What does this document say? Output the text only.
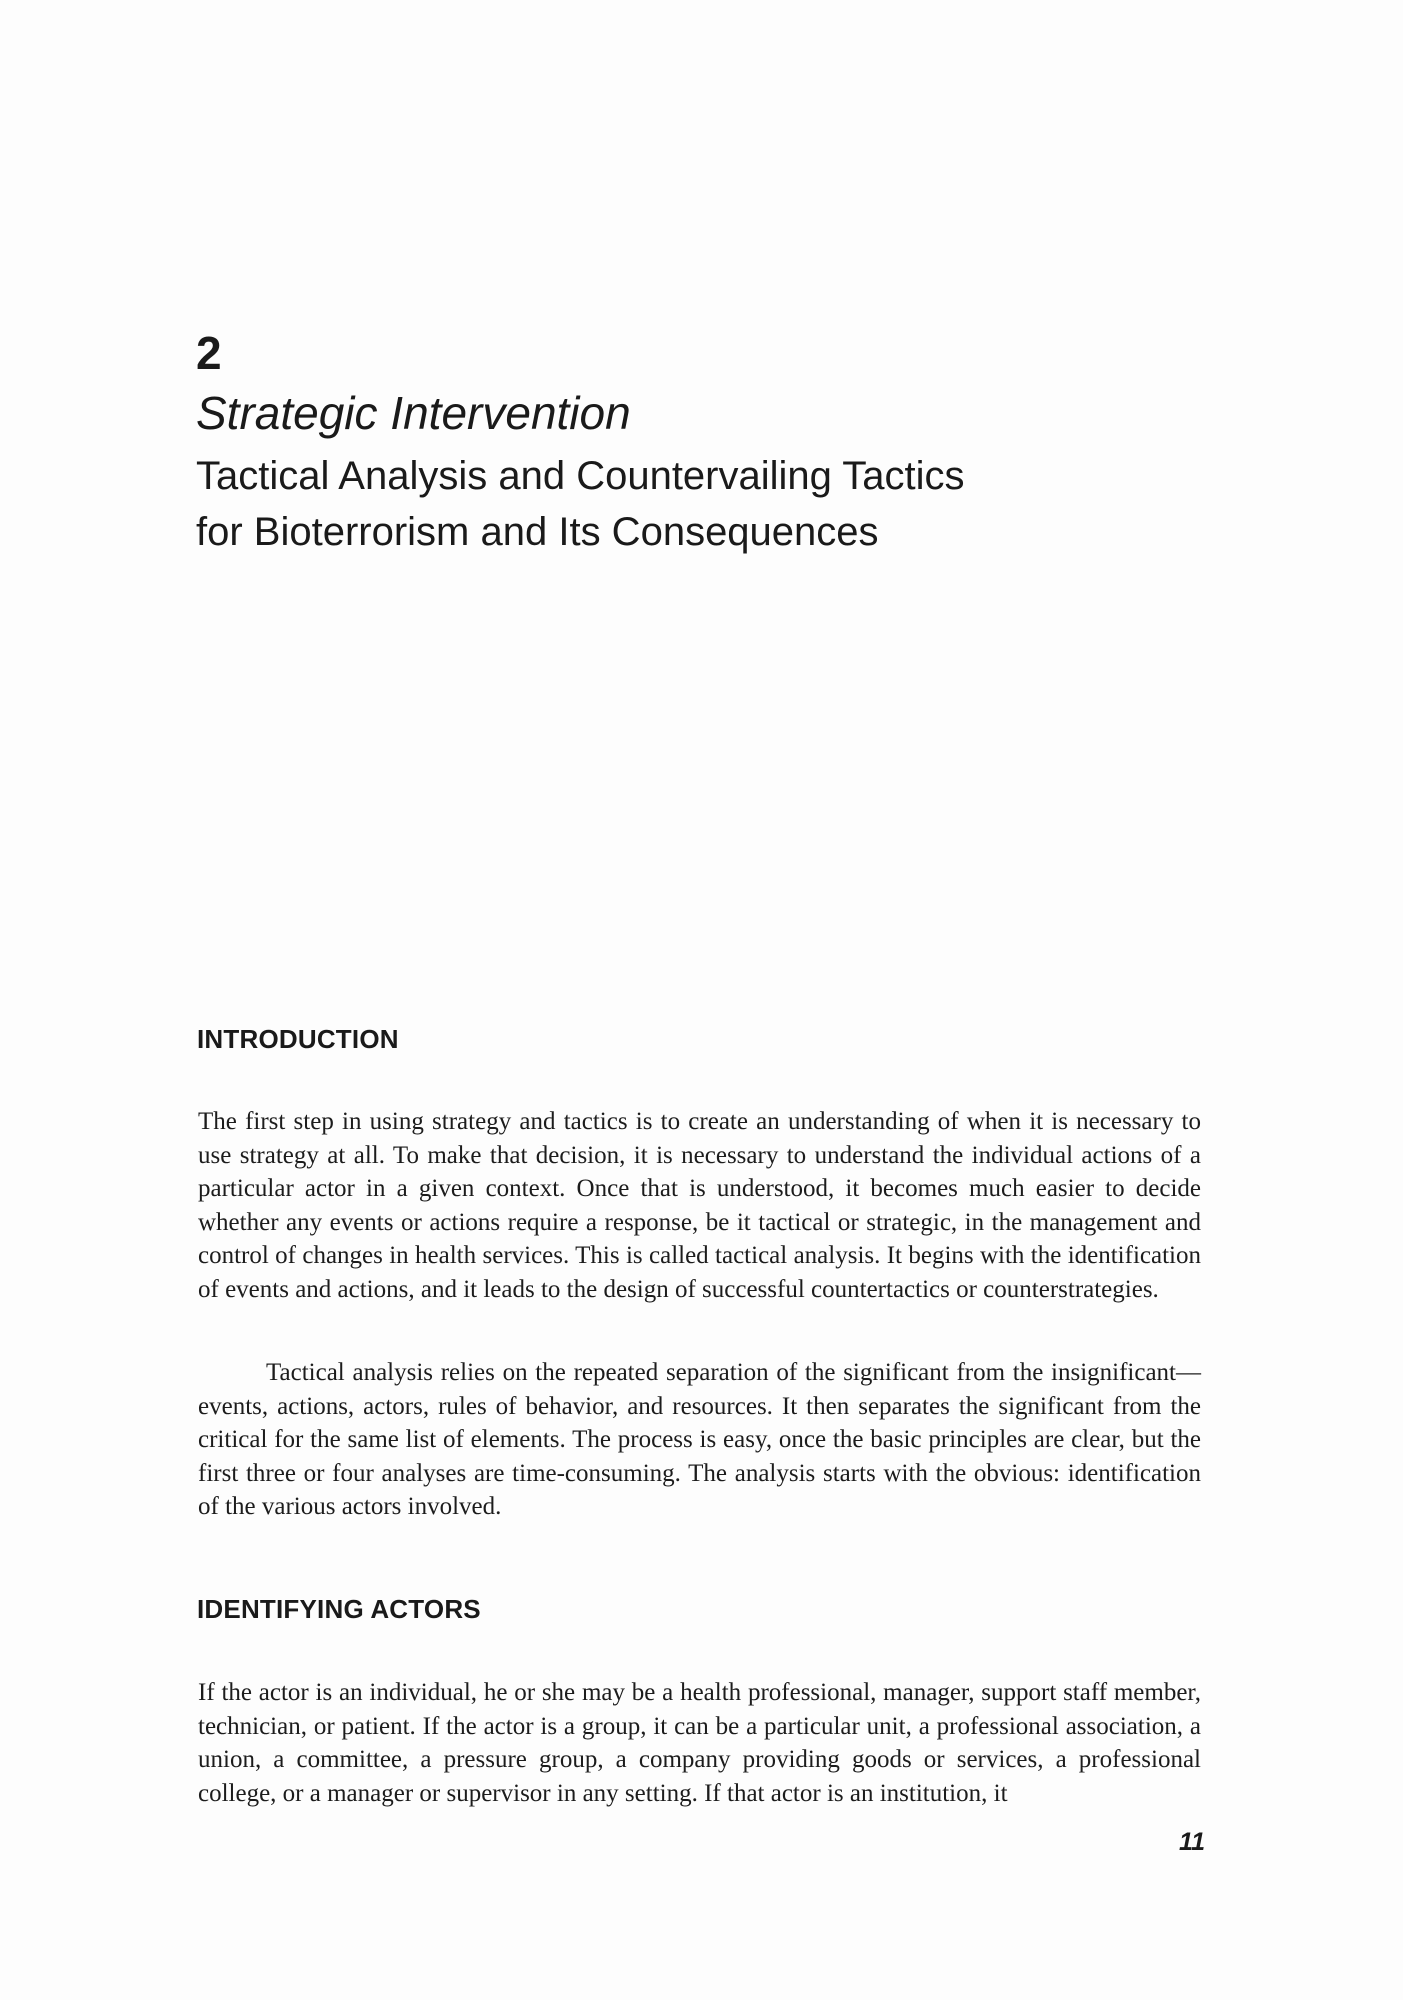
2
Strategic Intervention
Tactical Analysis and Countervailing Tactics
for Bioterrorism and Its Consequences
INTRODUCTION

The first step in using strategy and tactics is to create an understanding of when it is necessary to use strategy at all. To make that decision, it is necessary to understand the individual actions of a particular actor in a given context. Once that is understood, it becomes much easier to decide whether any events or actions require a response, be it tactical or strategic, in the management and control of changes in health services. This is called tactical analysis. It begins with the identification of events and actions, and it leads to the design of successful countertactics or counterstrategies.

Tactical analysis relies on the repeated separation of the significant from the insignificant—events, actions, actors, rules of behavior, and resources. It then separates the significant from the critical for the same list of elements. The process is easy, once the basic principles are clear, but the first three or four analyses are time-consuming. The analysis starts with the obvious: identification of the various actors involved.

IDENTIFYING ACTORS

If the actor is an individual, he or she may be a health professional, manager, support staff member, technician, or patient. If the actor is a group, it can be a particular unit, a professional association, a union, a committee, a pressure group, a company providing goods or services, a professional college, or a manager or supervisor in any setting. If that actor is an institution, it

11
